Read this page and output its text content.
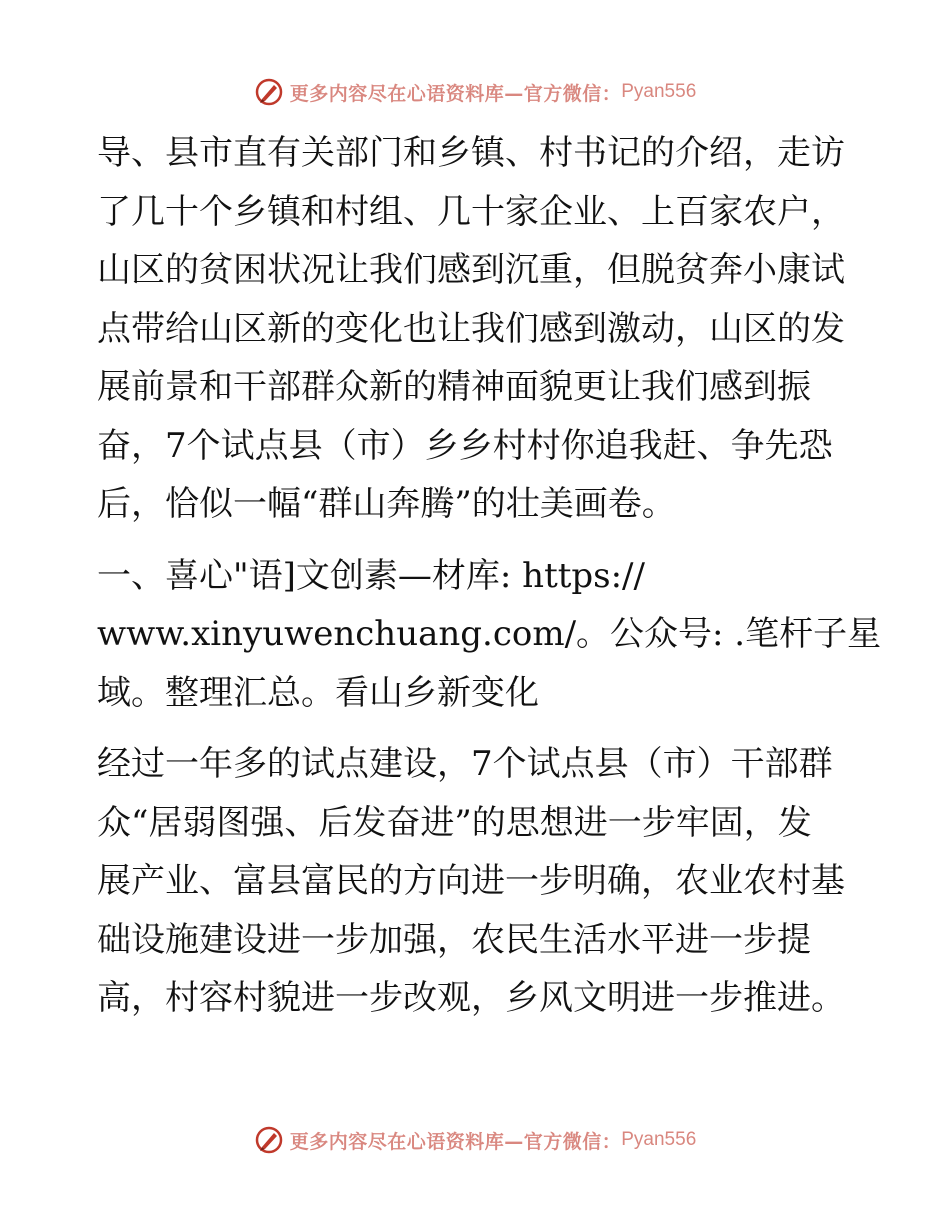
更多内容尽在心语资料库—官方微信： Pyan556

导、县市直有关部门和乡镇、村书记的介绍，走访
了几十个乡镇和村组、几十家企业、上百家农户，
山区的贫困状况让我们感到沉重，但脱贫奔小康试
点带给山区新的变化也让我们感到激动，山区的发
展前景和干部群众新的精神面貌更让我们感到振
奋，7个试点县（市）乡乡村村你追我赶、争先恐
后，恰似一幅“群山奔腾”的壮美画卷。

一、喜心"语]文创素—材库: https://
www.xinyuwenchuang.com/。公众号: .笔杆子星
域。整理汇总。看山乡新变化

经过一年多的试点建设，7个试点县（市）干部群
众“居弱图强、后发奋进”的思想进一步牢固，发
展产业、富县富民的方向进一步明确，农业农村基
础设施建设进一步加强，农民生活水平进一步提
高，村容村貌进一步改观，乡风文明进一步推进。

更多内容尽在心语资料库—官方微信： Pyan556
